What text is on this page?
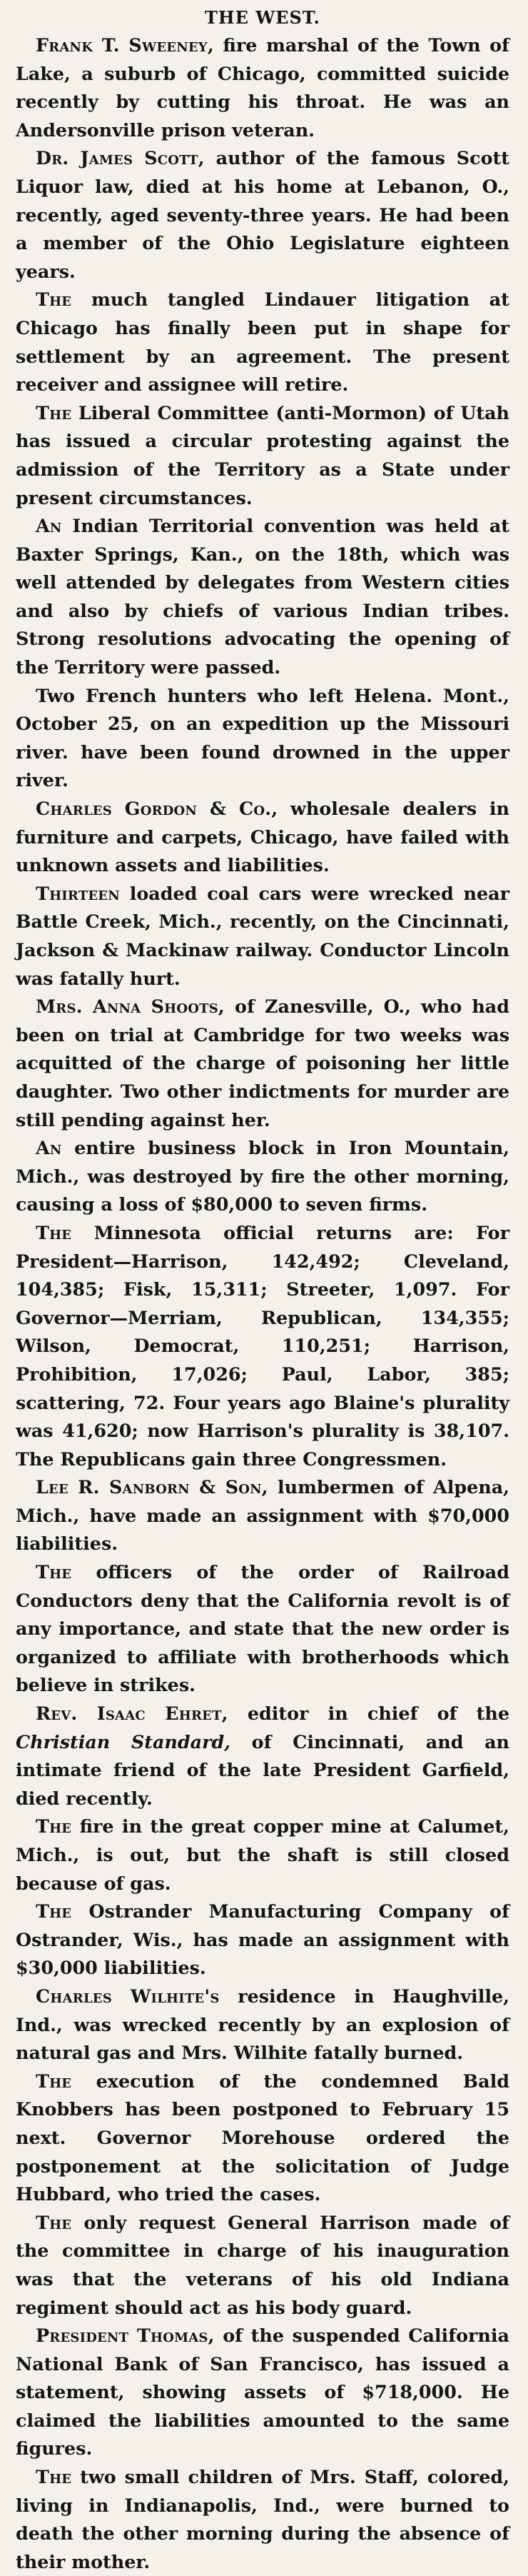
THE WEST.

Frank T. Sweeney, fire marshal of the Town of Lake, a suburb of Chicago, committed suicide recently by cutting his throat. He was an Andersonville prison veteran.

Dr. James Scott, author of the famous Scott Liquor law, died at his home at Lebanon, O., recently, aged seventy-three years. He had been a member of the Ohio Legislature eighteen years.

The much tangled Lindauer litigation at Chicago has finally been put in shape for settlement by an agreement. The present receiver and assignee will retire.

The Liberal Committee (anti-Mormon) of Utah has issued a circular protesting against the admission of the Territory as a State under present circumstances.

An Indian Territorial convention was held at Baxter Springs, Kan., on the 18th, which was well attended by delegates from Western cities and also by chiefs of various Indian tribes. Strong resolutions advocating the opening of the Territory were passed.

Two French hunters who left Helena. Mont., October 25, on an expedition up the Missouri river. have been found drowned in the upper river.

Charles Gordon & Co., wholesale dealers in furniture and carpets, Chicago, have failed with unknown assets and liabilities.

Thirteen loaded coal cars were wrecked near Battle Creek, Mich., recently, on the Cincinnati, Jackson & Mackinaw railway. Conductor Lincoln was fatally hurt.

Mrs. Anna Shoots, of Zanesville, O., who had been on trial at Cambridge for two weeks was acquitted of the charge of poisoning her little daughter. Two other indictments for murder are still pending against her.

An entire business block in Iron Mountain, Mich., was destroyed by fire the other morning, causing a loss of $80,000 to seven firms.

The Minnesota official returns are: For President—Harrison, 142,492; Cleveland, 104,385; Fisk, 15,311; Streeter, 1,097. For Governor—Merriam, Republican, 134,355; Wilson, Democrat, 110,251; Harrison, Prohibition, 17,026; Paul, Labor, 385; scattering, 72. Four years ago Blaine's plurality was 41,620; now Harrison's plurality is 38,107. The Republicans gain three Congressmen.

Lee R. Sanborn & Son, lumbermen of Alpena, Mich., have made an assignment with $70,000 liabilities.

The officers of the order of Railroad Conductors deny that the California revolt is of any importance, and state that the new order is organized to affiliate with brotherhoods which believe in strikes.

Rev. Isaac Ehret, editor in chief of the Christian Standard, of Cincinnati, and an intimate friend of the late President Garfield, died recently.

The fire in the great copper mine at Calumet, Mich., is out, but the shaft is still closed because of gas.

The Ostrander Manufacturing Company of Ostrander, Wis., has made an assignment with $30,000 liabilities.

Charles Wilhite's residence in Haughville, Ind., was wrecked recently by an explosion of natural gas and Mrs. Wilhite fatally burned.

The execution of the condemned Bald Knobbers has been postponed to February 15 next. Governor Morehouse ordered the postponement at the solicitation of Judge Hubbard, who tried the cases.

The only request General Harrison made of the committee in charge of his inauguration was that the veterans of his old Indiana regiment should act as his body guard.

President Thomas, of the suspended California National Bank of San Francisco, has issued a statement, showing assets of $718,000. He claimed the liabilities amounted to the same figures.

The two small children of Mrs. Staff, colored, living in Indianapolis, Ind., were burned to death the other morning during the absence of their mother.
